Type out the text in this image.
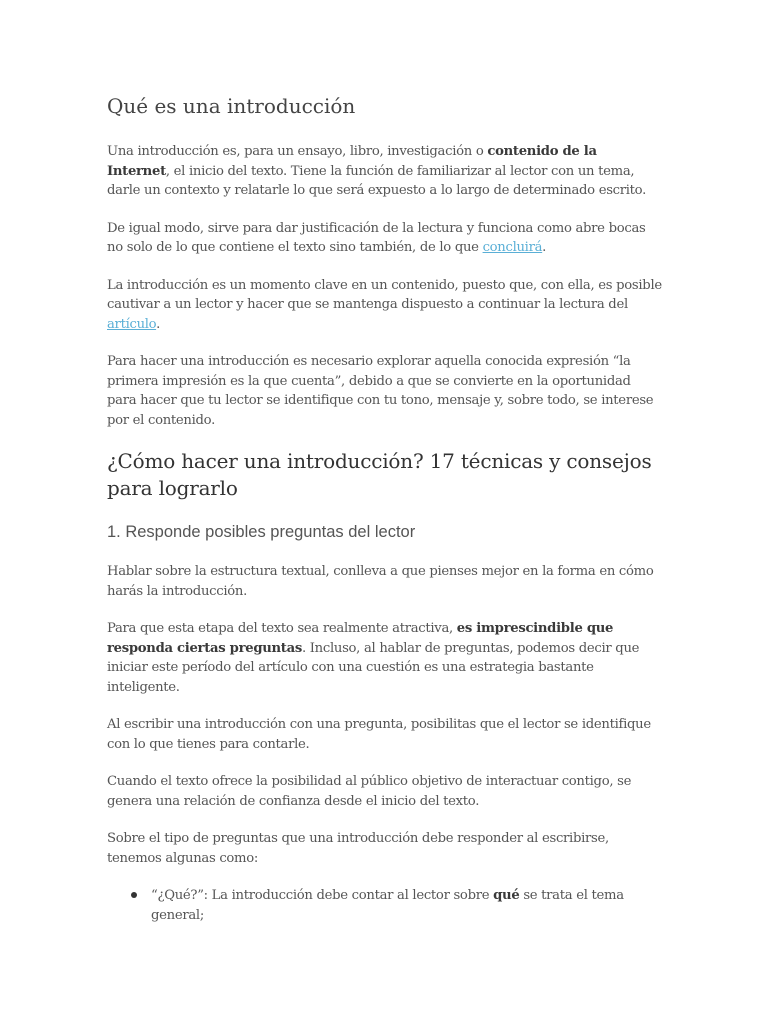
Qué es una introducción

Una introducción es, para un ensayo, libro, investigación o contenido de la Internet, el inicio del texto. Tiene la función de familiarizar al lector con un tema, darle un contexto y relatarle lo que será expuesto a lo largo de determinado escrito.

De igual modo, sirve para dar justificación de la lectura y funciona como abre bocas no solo de lo que contiene el texto sino también, de lo que concluirá.

La introducción es un momento clave en un contenido, puesto que, con ella, es posible cautivar a un lector y hacer que se mantenga dispuesto a continuar la lectura del artículo.

Para hacer una introducción es necesario explorar aquella conocida expresión “la primera impresión es la que cuenta”, debido a que se convierte en la oportunidad para hacer que tu lector se identifique con tu tono, mensaje y, sobre todo, se interese por el contenido.

¿Cómo hacer una introducción? 17 técnicas y consejos para lograrlo
1. Responde posibles preguntas del lector

Hablar sobre la estructura textual, conlleva a que pienses mejor en la forma en cómo harás la introducción.

Para que esta etapa del texto sea realmente atractiva, es imprescindible que responda ciertas preguntas. Incluso, al hablar de preguntas, podemos decir que iniciar este período del artículo con una cuestión es una estrategia bastante inteligente.

Al escribir una introducción con una pregunta, posibilitas que el lector se identifique con lo que tienes para contarle.

Cuando el texto ofrece la posibilidad al público objetivo de interactuar contigo, se genera una relación de confianza desde el inicio del texto.

Sobre el tipo de preguntas que una introducción debe responder al escribirse, tenemos algunas como:

“¿Qué?”: La introducción debe contar al lector sobre qué se trata el tema general;
